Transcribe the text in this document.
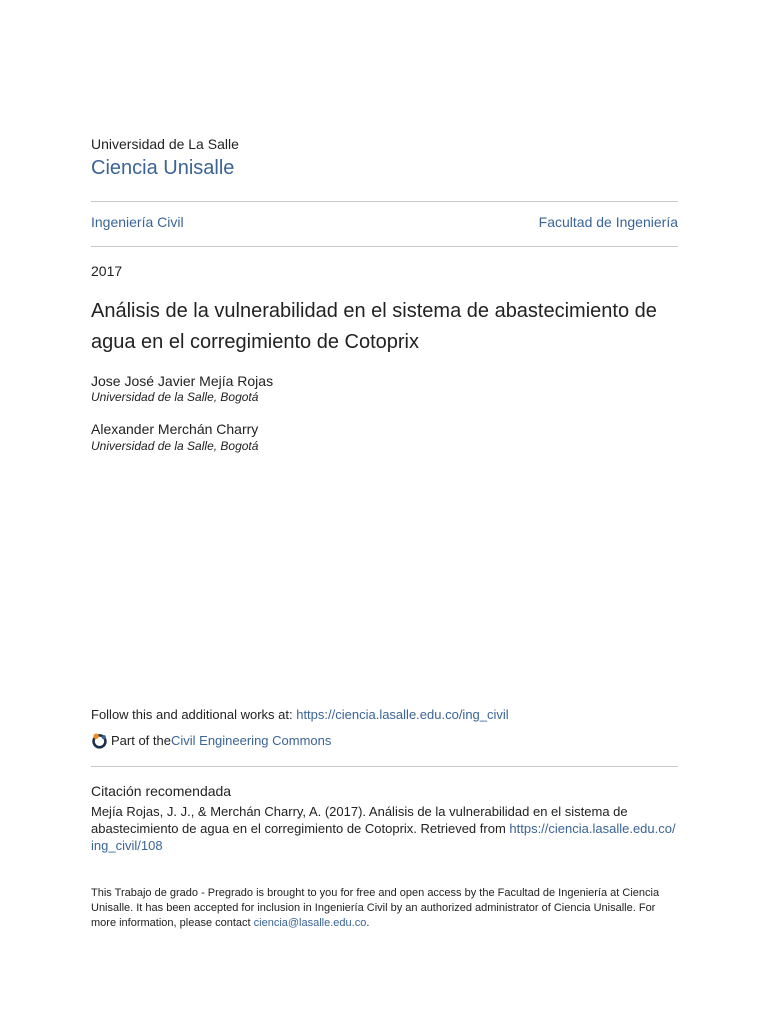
Universidad de La Salle
Ciencia Unisalle
Ingeniería Civil	Facultad de Ingeniería
2017
Análisis de la vulnerabilidad en el sistema de abastecimiento de agua en el corregimiento de Cotoprix
Jose José Javier Mejía Rojas
Universidad de la Salle, Bogotá
Alexander Merchán Charry
Universidad de la Salle, Bogotá
Follow this and additional works at: https://ciencia.lasalle.edu.co/ing_civil
Part of the Civil Engineering Commons
Citación recomendada
Mejía Rojas, J. J., & Merchán Charry, A. (2017). Análisis de la vulnerabilidad en el sistema de abastecimiento de agua en el corregimiento de Cotoprix. Retrieved from https://ciencia.lasalle.edu.co/
ing_civil/108
This Trabajo de grado - Pregrado is brought to you for free and open access by the Facultad de Ingeniería at Ciencia Unisalle. It has been accepted for inclusion in Ingeniería Civil by an authorized administrator of Ciencia Unisalle. For more information, please contact ciencia@lasalle.edu.co.
